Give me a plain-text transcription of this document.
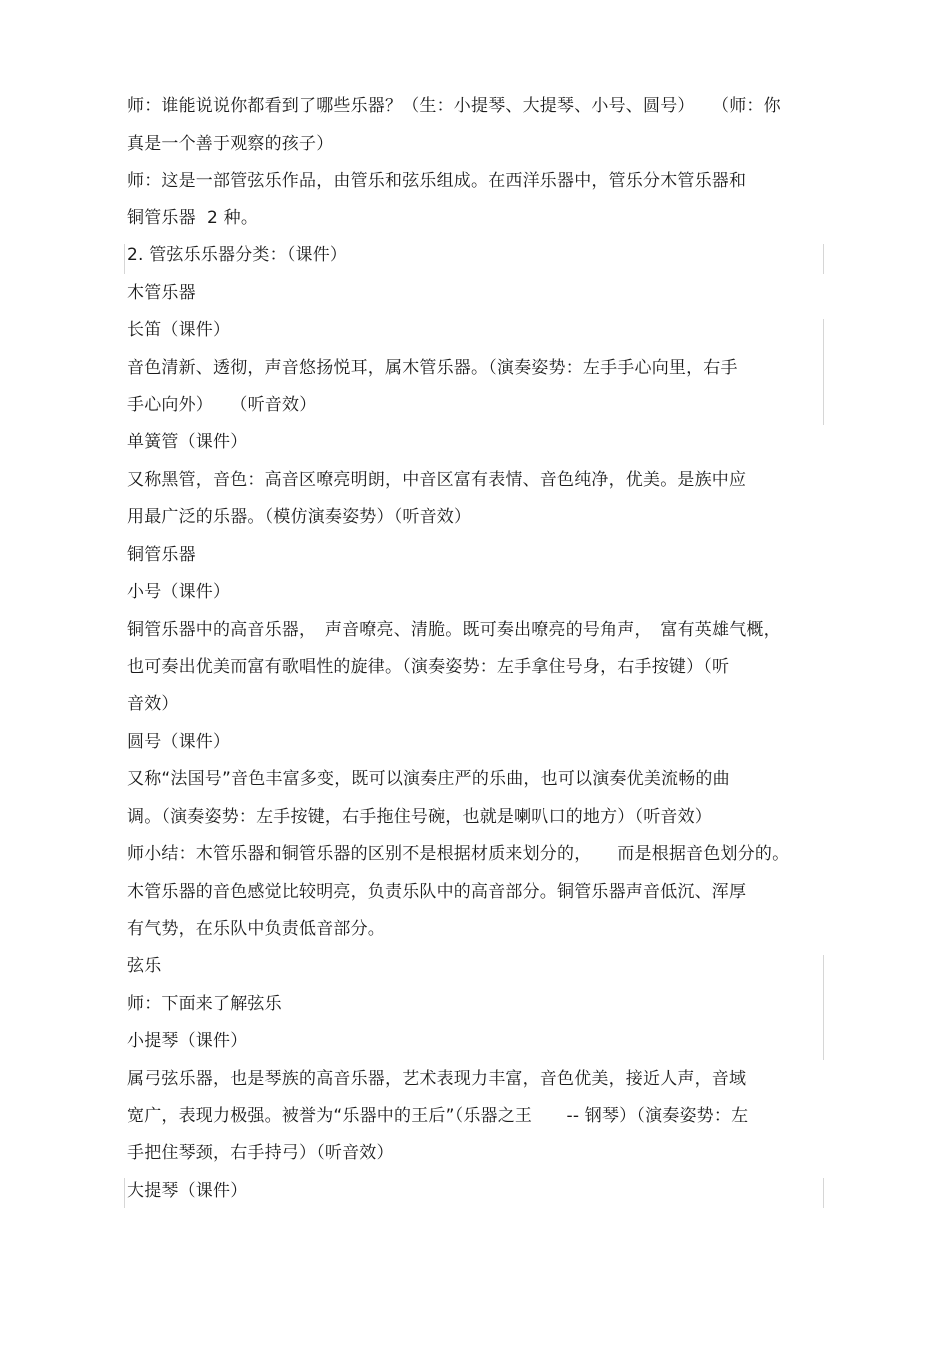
师：谁能说说你都看到了哪些乐器？（生：小提琴、大提琴、小号、圆号）　　（师：你
真是一个善于观察的孩子）
师：这是一部管弦乐作品，由管乐和弦乐组成。在西洋乐器中，管乐分木管乐器和
铜管乐器  2 种。
2. 管弦乐乐器分类：（课件）
木管乐器
长笛（课件）
音色清新、透彻，声音悠扬悦耳，属木管乐器。（演奏姿势：左手手心向里，右手
手心向外）　　（听音效）
单簧管（课件）
又称黑管，音色：高音区嘹亮明朗，中音区富有表情、音色纯净，优美。是族中应
用最广泛的乐器。（模仿演奏姿势）（听音效）
铜管乐器
小号（课件）
铜管乐器中的高音乐器，　声音嘹亮、清脆。既可奏出嘹亮的号角声，　富有英雄气概，
也可奏出优美而富有歌唱性的旋律。（演奏姿势：左手拿住号身，右手按键）（听
音效）
圆号（课件）
又称“法国号”音色丰富多变，既可以演奏庄严的乐曲，也可以演奏优美流畅的曲
调。（演奏姿势：左手按键，右手拖住号碗，也就是喇叭口的地方）（听音效）
师小结：木管乐器和铜管乐器的区别不是根据材质来划分的，　　而是根据音色划分的。
木管乐器的音色感觉比较明亮，负责乐队中的高音部分。铜管乐器声音低沉、浑厚
有气势，在乐队中负责低音部分。
弦乐
师：下面来了解弦乐
小提琴（课件）
属弓弦乐器，也是琴族的高音乐器，艺术表现力丰富，音色优美，接近人声，音域
宽广，表现力极强。被誉为“乐器中的王后”（乐器之王　　-- 钢琴）（演奏姿势：左
手把住琴颈，右手持弓）（听音效）
大提琴（课件）
